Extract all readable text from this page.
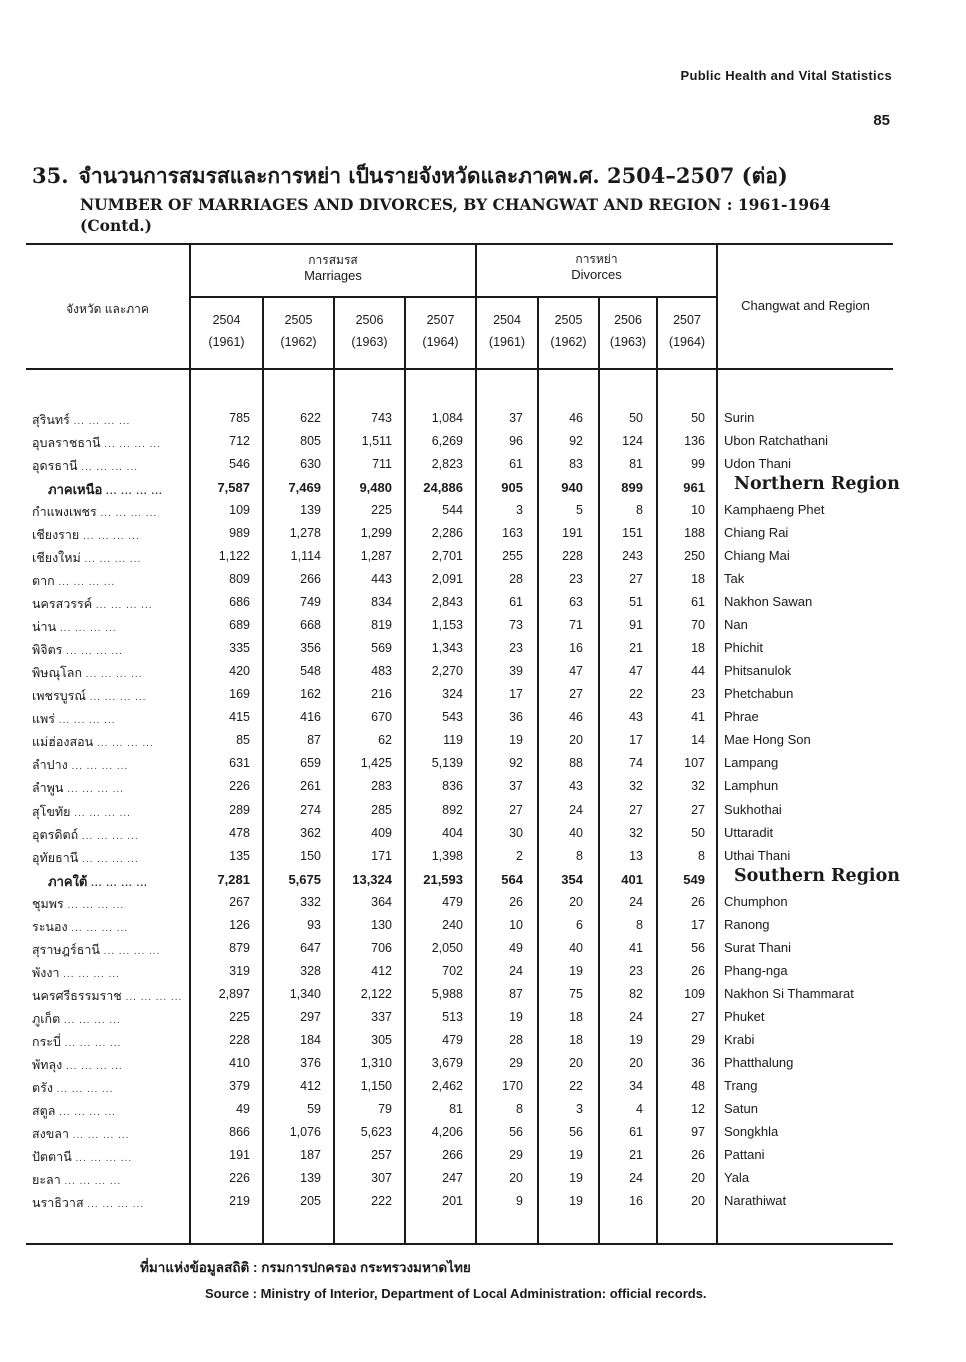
Public Health and Vital Statistics
85
35. จำนวนการสมรสและการหย่า เป็นรายจังหวัดและภาคพ.ศ. 2504–2507 (ต่อ)
NUMBER OF MARRIAGES AND DIVORCES, BY CHANGWAT AND REGION : 1961-1964
(Contd.)
จังหวัด และภาค
การสมรส
Marriages
การหย่า
Divorces
Changwat and Region
2504
(1961)
2505
(1962)
2506
(1963)
2507
(1964)
2504
(1961)
2505
(1962)
2506
(1963)
2507
(1964)
สุรินทร์ ... ... ... ...	785	622	743	1,084	37	46	50	50 Surin
อุบลราชธานี ... ... ... ...	712	805	1,511	6,269	96	92	124	136 Ubon Ratchathani
อุดรธานี ... ... ... ...	546	630	711	2,823	61	83	81	99 Udon Thani
ภาคเหนือ ... ... ... ...	7,587	7,469	9,480 24,886	905	940	899	961 Northern Region
กำแพงเพชร ... ... ... ...	109	139	225	544	3	5	8	10 Kamphaeng Phet
เชียงราย ... ... ... ...	989	1,278	1,299	2,286	163	191	151	188 Chiang Rai
เชียงใหม่ ... ... ... ...	1,122	1,114	1,287	2,701	255	228	243	250 Chiang Mai
ตาก ... ... ... ...	809	266	443	2,091	28	23	27	18 Tak
นครสวรรค์ ... ... ... ...	686	749	834	2,843	61	63	51	61 Nakhon Sawan
น่าน ... ... ... ...	689	668	819	1,153	73	71	91	70 Nan
พิจิตร ... ... ... ...	335	356	569	1,343	23	16	21	18 Phichit
พิษณุโลก ... ... ... ...	420	548	483	2,270	39	47	47	44 Phitsanulok
เพชรบูรณ์ ... ... ... ...	169	162	216	324	17	27	22	23 Phetchabun
แพร่ ... ... ... ...	415	416	670	543	36	46	43	41 Phrae
แม่ฮ่องสอน ... ... ... ...	85	87	62	119	19	20	17	14 Mae Hong Son
ลำปาง ... ... ... ...	631	659	1,425	5,139	92	88	74	107 Lampang
ลำพูน ... ... ... ...	226	261	283	836	37	43	32	32 Lamphun
สุโขทัย ... ... ... ...	289	274	285	892	27	24	27	27 Sukhothai
อุตรดิตถ์ ... ... ... ...	478	362	409	404	30	40	32	50 Uttaradit
อุทัยธานี ... ... ... ...	135	150	171	1,398	2	8	13	8 Uthai Thani
ภาคใต้ ... ... ... ...	7,281	5,675 13,324 21,593	564	354	401	549 Southern Region
ชุมพร ... ... ... ...	267	332	364	479	26	20	24	26 Chumphon
ระนอง ... ... ... ...	126	93	130	240	10	6	8	17 Ranong
สุราษฎร์ธานี ... ... ... ...	879	647	706	2,050	49	40	41	56 Surat Thani
พังงา ... ... ... ...	319	328	412	702	24	19	23	26 Phang-nga
นครศรีธรรมราช ... ... ... ...	2,897	1,340	2,122	5,988	87	75	82	109 Nakhon Si Thammarat
ภูเก็ต ... ... ... ...	225	297	337	513	19	18	24	27 Phuket
กระบี่ ... ... ... ...	228	184	305	479	28	18	19	29 Krabi
พัทลุง ... ... ... ...	410	376	1,310	3,679	29	20	20	36 Phatthalung
ตรัง ... ... ... ...	379	412	1,150	2,462	170	22	34	48 Trang
สตูล ... ... ... ...	49	59	79	81	8	3	4	12 Satun
สงขลา ... ... ... ...	866	1,076	5,623	4,206	56	56	61	97 Songkhla
ปัตตานี ... ... ... ...	191	187	257	266	29	19	21	26 Pattani
ยะลา ... ... ... ...	226	139	307	247	20	19	24	20 Yala
นราธิวาส ... ... ... ...	219	205	222	201	9	19	16	20 Narathiwat
ที่มาแห่งข้อมูลสถิติ : กรมการปกครอง กระทรวงมหาดไทย
Source : Ministry of Interior, Department of Local Administration: official records.
